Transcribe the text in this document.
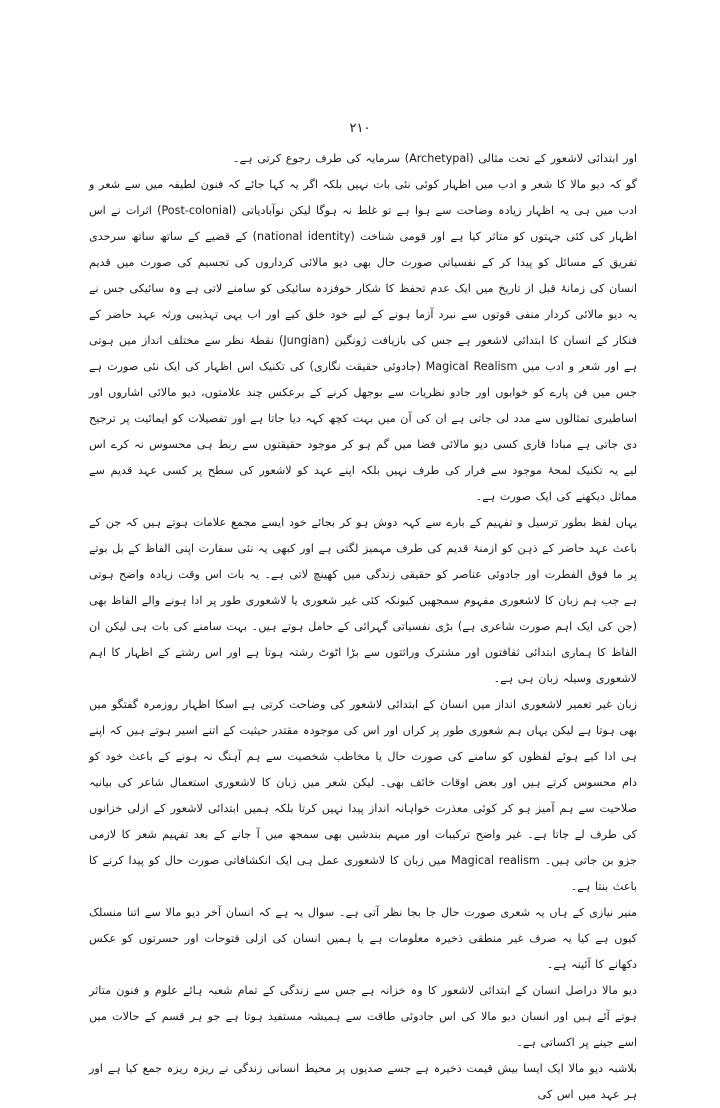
۲۱۰

اور ابتدائی لاشعور کے تحت مثالی (Archetypal) سرمایہ کی طرف رجوع کرتی ہے۔

گو کہ دیو مالا کا شعر و ادب میں اظہار کوئی نئی بات نہیں بلکہ اگر یہ کہا جائے کہ فنون لطیفہ میں سے شعر و ادب میں ہی یہ اظہار زیادہ وضاحت سے ہوا ہے تو غلط نہ ہوگا لیکن نوآبادیاتی (Post-colonial) اثرات نے اس اظہار کی کئی جہتوں کو متاثر کیا ہے اور قومی شناخت (national identity) کے قضیے کے ساتھ ساتھ سرحدی تفریق کے مسائل کو پیدا کر کے نفسیاتی صورت حال بھی دیو مالائی کرداروں کی تجسیم کی صورت میں قدیم انسان کی زمانۂ قبل از تاریخ میں ایک عدم تحفظ کا شکار خوفزدہ سائیکی کو سامنے لاتی ہے وہ سائیکی جس نے یہ دیو مالائی کردار منفی قوتوں سے نبرد آزما ہونے کے لیے خود خلق کیے اور اب یہی تہذیبی ورثہ عہد حاضر کے فنکار کے انسان کا ابتدائی لاشعور ہے جس کی بازیافت ژونگین (Jungian) نقطۂ نظر سے مختلف انداز میں ہوتی ہے اور شعر و ادب میں Magical Realism (جادوئی حقیقت نگاری) کی تکنیک اس اظہار کی ایک نئی صورت ہے جس میں فن پارے کو خوابوں اور جادو نظریات سے بوجھل کرنے کے برعکس چند علامتوں، دیو مالائی اشاروں اور اساطیری تمثالوں سے مدد لی جاتی ہے ان کی آن میں بہت کچھ کہہ دیا جاتا ہے اور تفصیلات کو ایمائیت پر ترجیح دی جاتی ہے مبادا قاری کسی دیو مالائی فضا میں گم ہو کر موجود حقیقتوں سے ربط ہی محسوس نہ کرے اس لیے یہ تکنیک لمحۂ موجود سے فرار کی طرف نہیں بلکہ اپنے عہد کو لاشعور کی سطح پر کسی عہد قدیم سے مماثل دیکھنے کی ایک صورت ہے۔

یہاں لفظ بطور ترسیل و تفہیم کے بارے سے کہہ دوش ہو کر بجائے خود ایسے مجمع علامات ہوتے ہیں کہ جن کے باعث عہد حاضر کے ذہن کو ازمنۂ قدیم کی طرف مہمیز لگتی ہے اور کبھی یہ نئی سفارت اپنی الفاظ کے بل بوتے پر ما فوق الفطرت اور جادوئی عناصر کو حقیقی زندگی میں کھینچ لاتی ہے۔ یہ بات اس وقت زیادہ واضح ہوتی ہے جب ہم زبان کا لاشعوری مفہوم سمجھیں کیونکہ کئی غیر شعوری یا لاشعوری طور پر ادا ہونے والے الفاظ بھی (جن کی ایک اہم صورت شاعری ہے) بڑی نفسیاتی گہرائی کے حامل ہوتے ہیں۔ بہت سامنے کی بات ہی لیکن ان الفاظ کا ہماری ابتدائی ثقافتوں اور مشترک وراثتوں سے بڑا اٹوٹ رشتہ ہوتا ہے اور اس رشتے کے اظہار کا اہم لاشعوری وسیلہ زبان ہی ہے۔

زبان غیر تعمیر لاشعوری انداز میں انسان کے ابتدائی لاشعور کی وضاحت کرتی ہے اسکا اظہار روزمرہ گفتگو میں بھی ہوتا ہے لیکن یہاں ہم شعوری طور پر کراں اور اس کی موجودہ مقتدر حیثیت کے اتنے اسیر ہوتے ہیں کہ اپنے ہی ادا کیے ہوئے لفظوں کو سامنے کی صورت حال یا مخاطب شخصیت سے ہم آہنگ نہ ہونے کے باعث خود کو دام محسوس کرتے ہیں اور بعض اوقات خائف بھی۔ لیکن شعر میں زبان کا لاشعوری استعمال شاعر کی بیانیہ صلاحیت سے ہم آمیز ہو کر کوئی معذرت خواہانہ انداز پیدا نہیں کرتا بلکہ ہمیں ابتدائی لاشعور کے ازلی خزانوں کی طرف لے جاتا ہے۔ غیر واضح ترکیبات اور مبہم بندشیں بھی سمجھ میں آ جانے کے بعد تفہیم شعر کا لازمی جزو بن جاتی ہیں۔ Magical realism میں زبان کا لاشعوری عمل ہی ایک انکشافاتی صورت حال کو پیدا کرنے کا باعث بنتا ہے۔

منیر نیازی کے ہاں یہ شعری صورت حال جا بجا نظر آتی ہے۔ سوال یہ ہے کہ انسان آخر دیو مالا سے اتنا منسلک کیوں ہے کیا یہ صرف غیر منطقی ذخیرہ معلومات ہے یا ہمیں انسان کی ازلی فتوحات اور حسرتوں کو عکس دکھانے کا آئینہ ہے۔

دیو مالا دراصل انسان کے ابتدائی لاشعور کا وہ خزانہ ہے جس سے زندگی کے تمام شعبہ ہائے علوم و فنون متاثر ہوتے آئے ہیں اور انسان دیو مالا کی اس جادوئی طاقت سے ہمیشہ مستفید ہوتا ہے جو ہر قسم کے حالات میں اسے جینے پر اکساتی ہے۔

بلاشبہ دیو مالا ایک ایسا بیش قیمت ذخیرہ ہے جسے صدیوں پر محیط انسانی زندگی نے ریزہ ریزہ جمع کیا ہے اور ہر عہد میں اس کی
